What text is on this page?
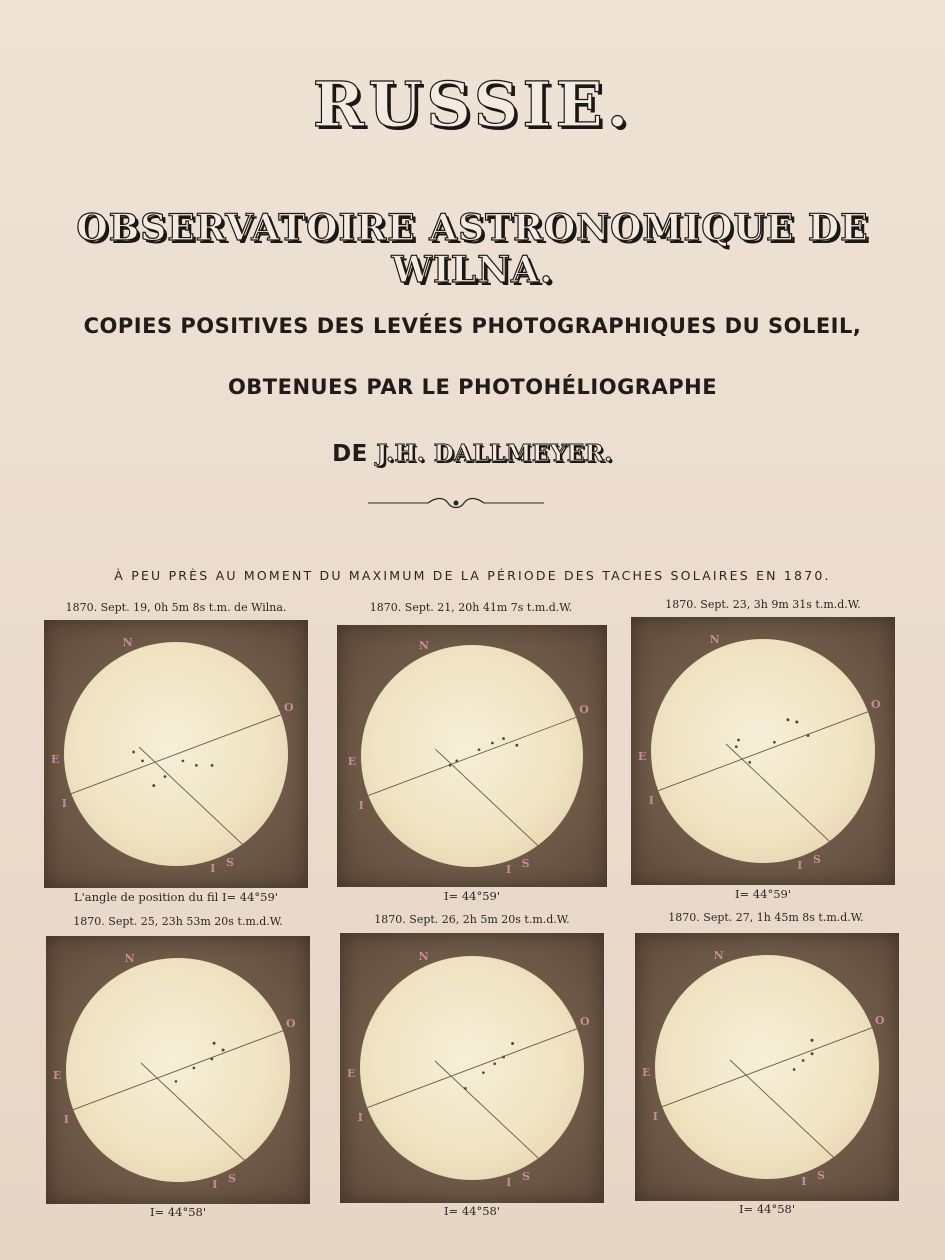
RUSSIE.
OBSERVATOIRE ASTRONOMIQUE DE WILNA.
COPIES POSITIVES DES LEVÉES PHOTOGRAPHIQUES DU SOLEIL,
OBTENUES PAR LE PHOTOHÉLIOGRAPHE
DE J.H. DALLMEYER.
À PEU PRÈS AU MOMENT DU MAXIMUM DE LA PÉRIODE DES TACHES SOLAIRES EN 1870.
1870. Sept. 19, 0h 5m 8s t.m. de Wilna.	1870. Sept. 21, 20h 41m 7s t.m.d.W.	1870. Sept. 23, 3h 9m 31s t.m.d.W.
N
E
O
S
I
I
N
E
O
S
I
I
N
E
O
S
I
I
L'angle de position du fil I= 44°59'	I= 44°59'	I= 44°59'
1870. Sept. 25, 23h 53m 20s t.m.d.W.	1870. Sept. 26, 2h 5m 20s t.m.d.W.	1870. Sept. 27, 1h 45m 8s t.m.d.W.
N
E
O
S
I
I
N
E
O
S
I
I
N
E
O
S
I
I
I= 44°58'	I= 44°58'	I= 44°58'
